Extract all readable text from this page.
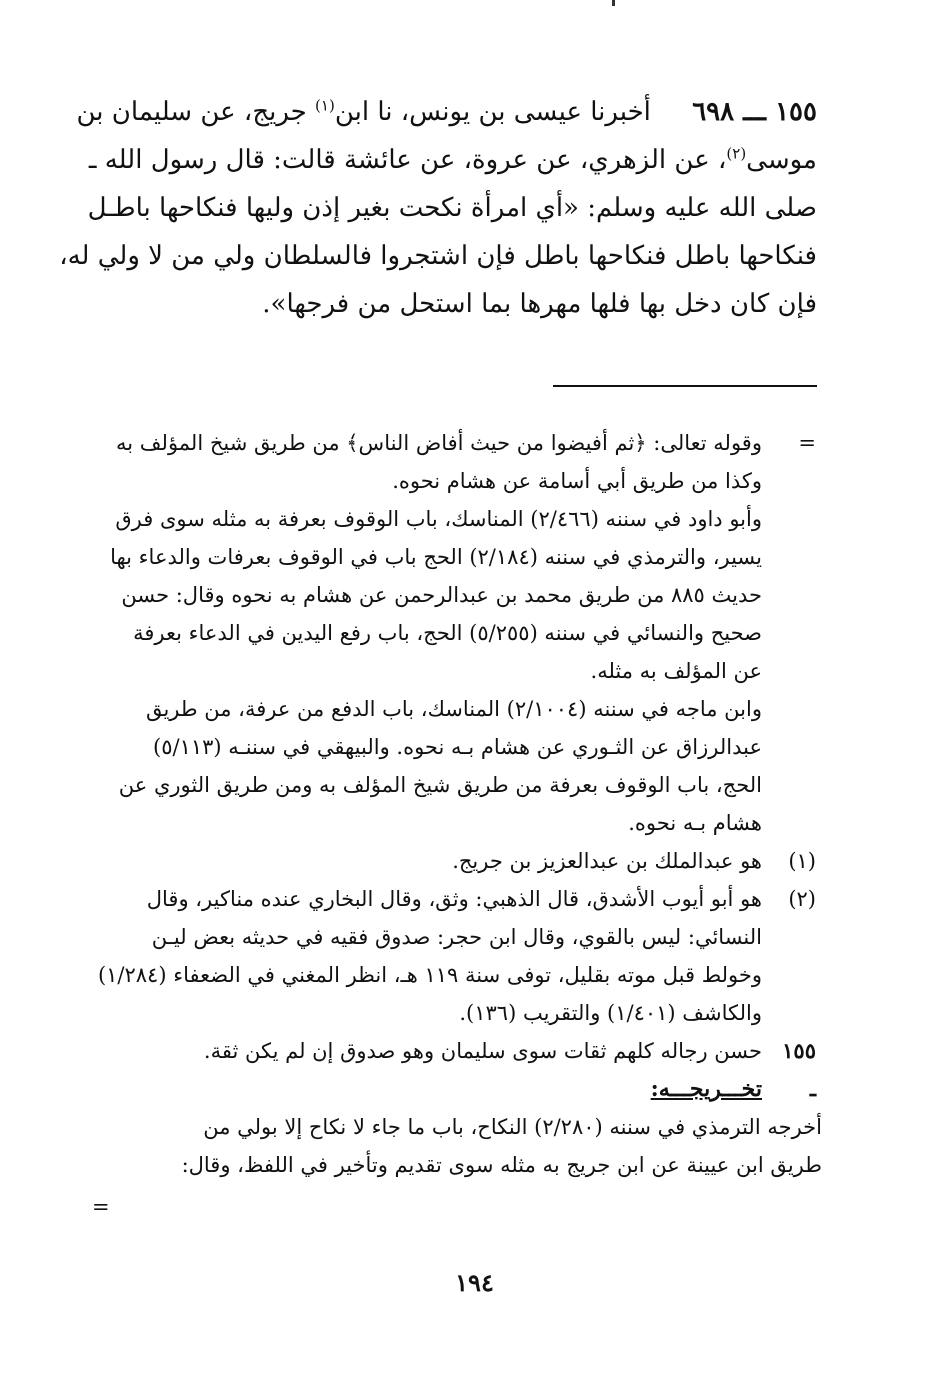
١٥٥ ـــ ٦٩٨     أخبرنا عيسى بن يونس، نا ابن$^{(١)}$ جريج، عن سليمان بن
موسى$^{(٢)}$، عن الزهري، عن عروة، عن عائشة قالت: قال رسول الله ـ
صلى الله عليه وسلم: «أي امرأة نكحت بغير إذن وليها فنكاحها باطـل
فنكاحها باطل فنكاحها باطل فإن اشتجروا فالسلطان ولي من لا ولي له،
فإن كان دخل بها فلها مهرها بما استحل من فرجها».
=
وقوله تعالى: ﴿ثم أفيضوا من حيث أفاض الناس﴾ من طريق شيخ المؤلف به
وكذا من طريق أبي أسامة عن هشام نحوه.
وأبو داود في سننه (٢/٤٦٦) المناسك، باب الوقوف بعرفة به مثله سوى فرق
يسير، والترمذي في سننه (٢/١٨٤) الحج باب في الوقوف بعرفات والدعاء بها
حديث ٨٨٥ من طريق محمد بن عبدالرحمن عن هشام به نحوه وقال: حسن
صحيح والنسائي في سننه (٥/٢٥٥) الحج، باب رفع اليدين في الدعاء بعرفة
عن المؤلف به مثله.
وابن ماجه في سننه (٢/١٠٠٤) المناسك، باب الدفع من عرفة، من طريق
عبدالرزاق عن الثـوري عن هشام بـه نحوه. والبيهقي في سننـه (٥/١١٣)
الحج، باب الوقوف بعرفة من طريق شيخ المؤلف به ومن طريق الثوري عن
هشام بـه نحوه.
(١)
هو عبدالملك بن عبدالعزيز بن جريج.
(٢)
هو أبو أيوب الأشدق، قال الذهبي: وثق، وقال البخاري عنده مناكير، وقال
النسائي: ليس بالقوي، وقال ابن حجر: صدوق فقيه في حديثه بعض ليـن
وخولط قبل موته بقليل، توفى سنة ١١٩ هـ، انظر المغني في الضعفاء (١/٢٨٤)
والكاشف (١/٤٠١) والتقريب (١٣٦).
١٥٥ ـ
حسن رجاله كلهم ثقات سوى سليمان وهو صدوق إن لم يكن ثقة.
تخـــريجـــه:
أخرجه الترمذي في سننه (٢/٢٨٠) النكاح، باب ما جاء لا نكاح إلا بولي من
طريق ابن عيينة عن ابن جريج به مثله سوى تقديم وتأخير في اللفظ، وقال:
=
١٩٤
